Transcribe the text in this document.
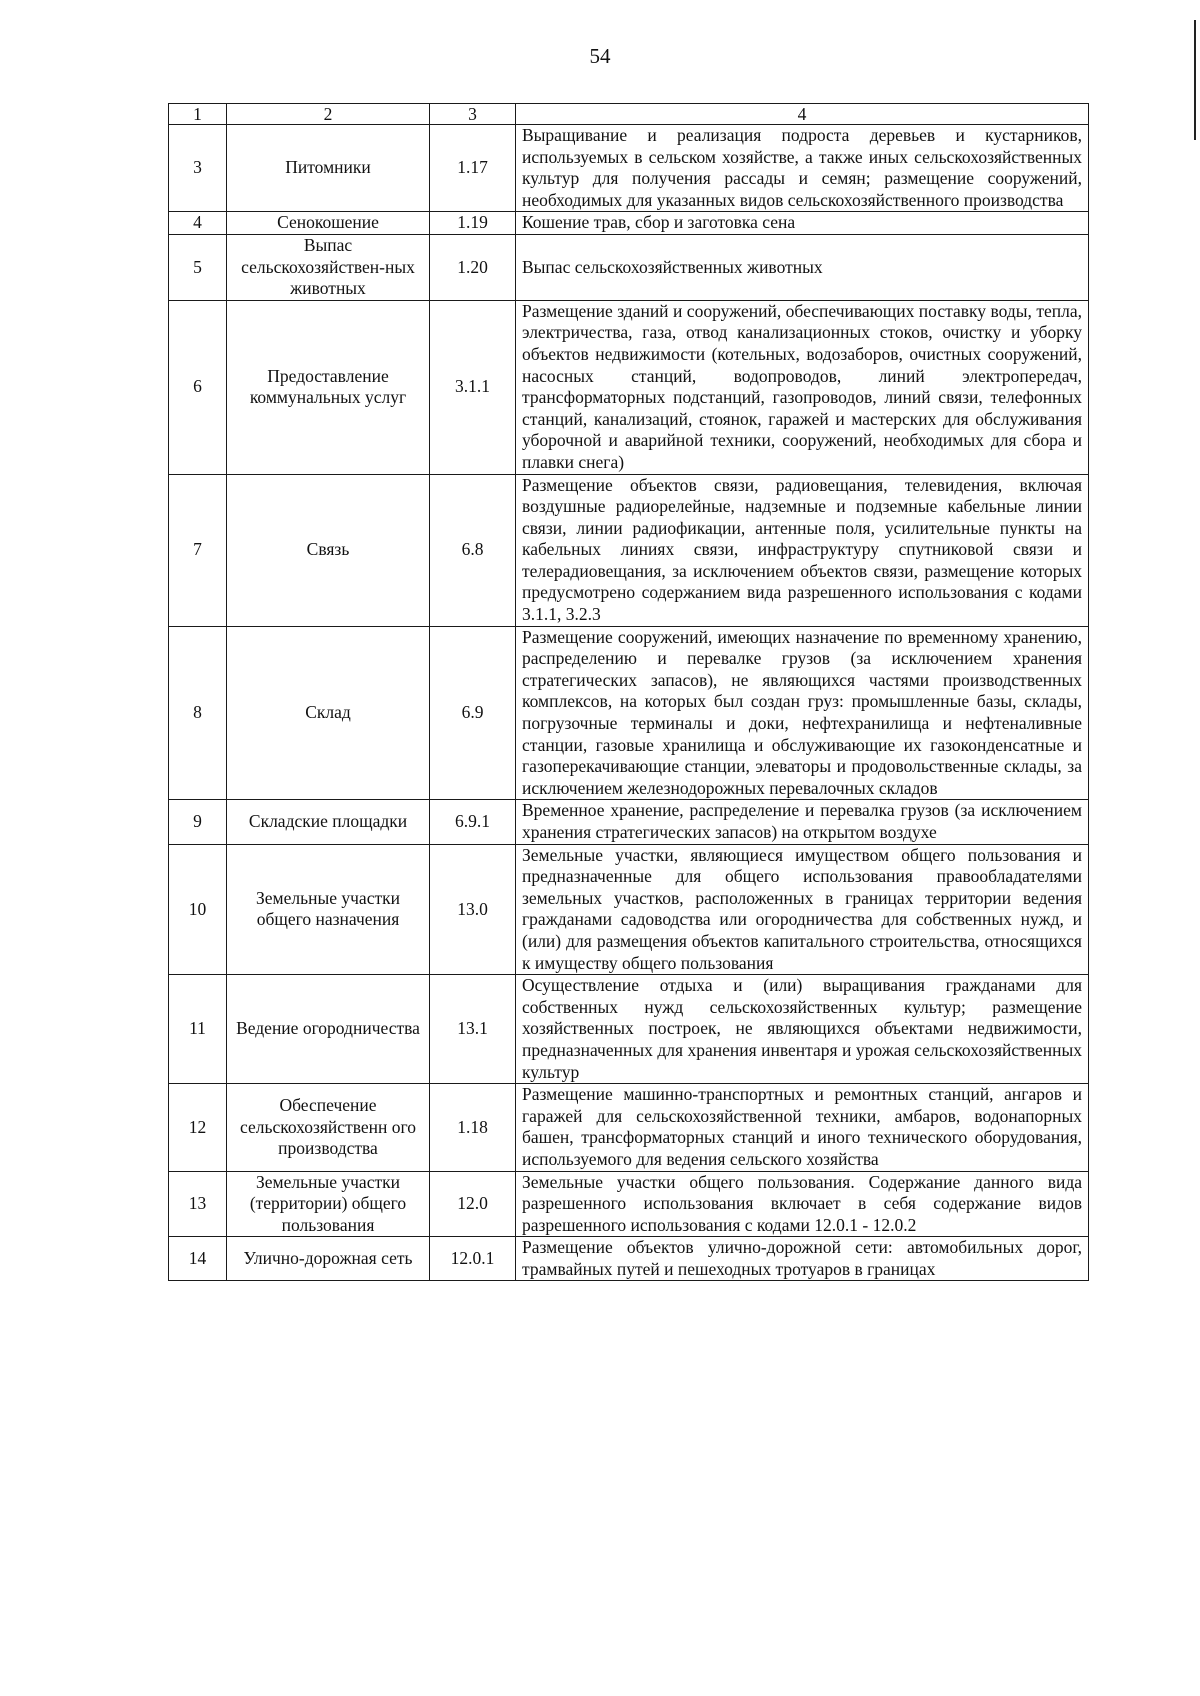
54
1	2	3	4
3	Питомники	1.17	Выращивание и реализация подроста деревьев и кустарников, используемых в сельском хозяйстве, а также иных сельскохозяйственных культур для получения рассады и семян; размещение сооружений, необходимых для указанных видов сельскохозяйственного производства
4	Сенокошение	1.19	Кошение трав, сбор и заготовка сена
5	Выпас сельскохозяйствен-ных животных	1.20	Выпас сельскохозяйственных животных
6	Предоставление коммунальных услуг	3.1.1	Размещение зданий и сооружений, обеспечивающих поставку воды, тепла, электричества, газа, отвод канализационных стоков, очистку и уборку объектов недвижимости (котельных, водозаборов, очистных сооружений, насосных станций, водопроводов, линий электропередач, трансформаторных подстанций, газопроводов, линий связи, телефонных станций, канализаций, стоянок, гаражей и мастерских для обслуживания уборочной и аварийной техники, сооружений, необходимых для сбора и плавки снега)
7	Связь	6.8	Размещение объектов связи, радиовещания, телевидения, включая воздушные радиорелейные, надземные и подземные кабельные линии связи, линии радиофикации, антенные поля, усилительные пункты на кабельных линиях связи, инфраструктуру спутниковой связи и телерадиовещания, за исключением объектов связи, размещение которых предусмотрено содержанием вида разрешенного использования с кодами 3.1.1, 3.2.3
8	Склад	6.9	Размещение сооружений, имеющих назначение по временному хранению, распределению и перевалке грузов (за исключением хранения стратегических запасов), не являющихся частями производственных комплексов, на которых был создан груз: промышленные базы, склады, погрузочные терминалы и доки, нефтехранилища и нефтеналивные станции, газовые хранилища и обслуживающие их газоконденсатные и газоперекачивающие станции, элеваторы и продовольственные склады, за исключением железнодорожных перевалочных складов
9	Складские площадки	6.9.1	Временное хранение, распределение и перевалка грузов (за исключением хранения стратегических запасов) на открытом воздухе
10	Земельные участки общего назначения	13.0	Земельные участки, являющиеся имуществом общего пользования и предназначенные для общего использования правообладателями земельных участков, расположенных в границах территории ведения гражданами садоводства или огородничества для собственных нужд, и (или) для размещения объектов капитального строительства, относящихся к имуществу общего пользования
11	Ведение огородничества	13.1	Осуществление отдыха и (или) выращивания гражданами для собственных нужд сельскохозяйственных культур; размещение хозяйственных построек, не являющихся объектами недвижимости, предназначенных для хранения инвентаря и урожая сельскохозяйственных культур
12	Обеспечение сельскохозяйственн ого производства	1.18	Размещение машинно-транспортных и ремонтных станций, ангаров и гаражей для сельскохозяйственной техники, амбаров, водонапорных башен, трансформаторных станций и иного технического оборудования, используемого для ведения сельского хозяйства
13	Земельные участки (территории) общего пользования	12.0	Земельные участки общего пользования. Содержание данного вида разрешенного использования включает в себя содержание видов разрешенного использования с кодами 12.0.1 - 12.0.2
14	Улично-дорожная сеть	12.0.1	Размещение объектов улично-дорожной сети: автомобильных дорог, трамвайных путей и пешеходных тротуаров в границах
